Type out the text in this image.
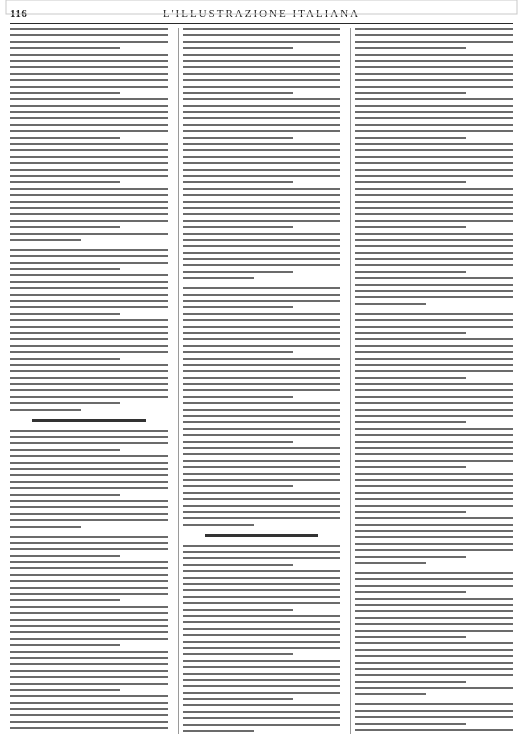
116	L'ILLUSTRAZIONE ITALIANA
